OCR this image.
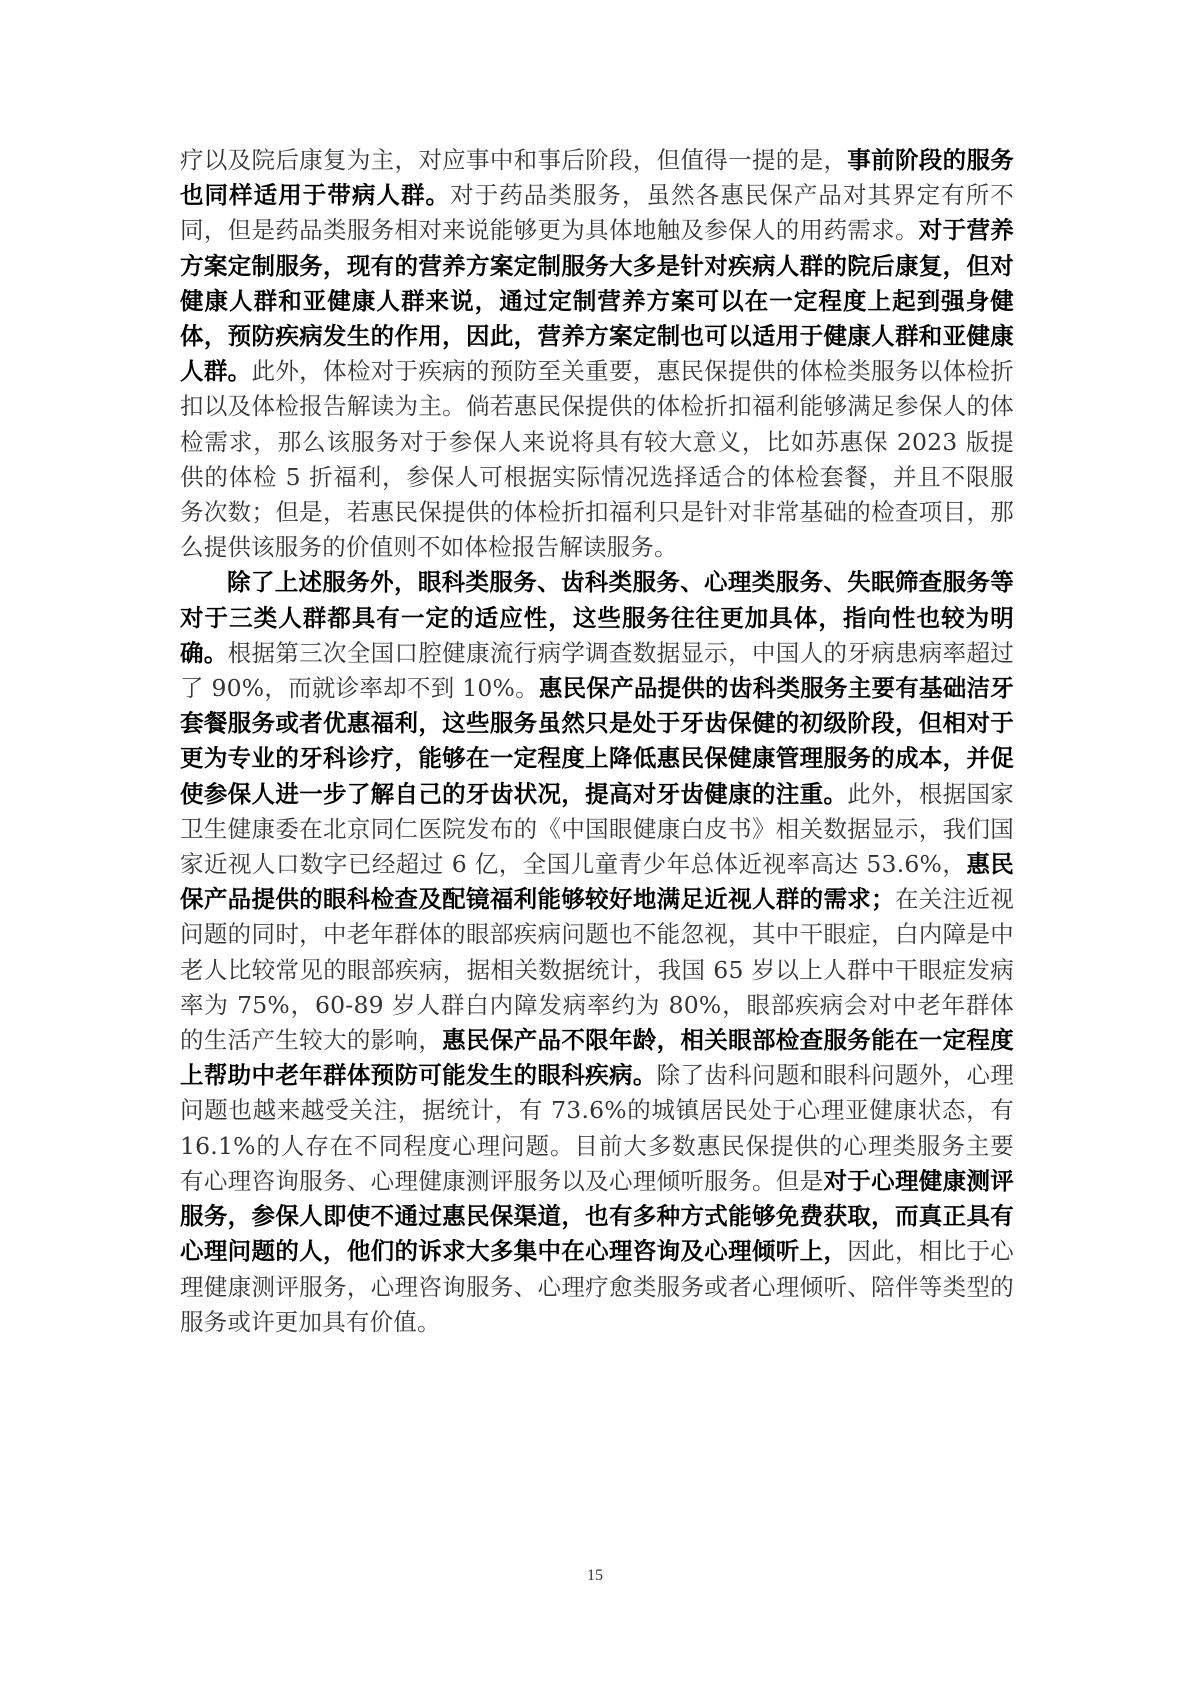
疗以及院后康复为主，对应事中和事后阶段，但值得一提的是，事前阶段的服务也同样适用于带病人群。对于药品类服务，虽然各惠民保产品对其界定有所不同，但是药品类服务相对来说能够更为具体地触及参保人的用药需求。对于营养方案定制服务，现有的营养方案定制服务大多是针对疾病人群的院后康复，但对健康人群和亚健康人群来说，通过定制营养方案可以在一定程度上起到强身健体，预防疾病发生的作用，因此，营养方案定制也可以适用于健康人群和亚健康人群。此外，体检对于疾病的预防至关重要，惠民保提供的体检类服务以体检折扣以及体检报告解读为主。倘若惠民保提供的体检折扣福利能够满足参保人的体检需求，那么该服务对于参保人来说将具有较大意义，比如苏惠保 2023 版提供的体检 5 折福利，参保人可根据实际情况选择适合的体检套餐，并且不限服务次数；但是，若惠民保提供的体检折扣福利只是针对非常基础的检查项目，那么提供该服务的价值则不如体检报告解读服务。

除了上述服务外，眼科类服务、齿科类服务、心理类服务、失眠筛查服务等对于三类人群都具有一定的适应性，这些服务往往更加具体，指向性也较为明确。根据第三次全国口腔健康流行病学调查数据显示，中国人的牙病患病率超过了 90%，而就诊率却不到 10%。惠民保产品提供的齿科类服务主要有基础洁牙套餐服务或者优惠福利，这些服务虽然只是处于牙齿保健的初级阶段，但相对于更为专业的牙科诊疗，能够在一定程度上降低惠民保健康管理服务的成本，并促使参保人进一步了解自己的牙齿状况，提高对牙齿健康的注重。此外，根据国家卫生健康委在北京同仁医院发布的《中国眼健康白皮书》相关数据显示，我们国家近视人口数字已经超过 6 亿，全国儿童青少年总体近视率高达 53.6%，惠民保产品提供的眼科检查及配镜福利能够较好地满足近视人群的需求；在关注近视问题的同时，中老年群体的眼部疾病问题也不能忽视，其中干眼症，白内障是中老人比较常见的眼部疾病，据相关数据统计，我国 65 岁以上人群中干眼症发病率为 75%，60-89 岁人群白内障发病率约为 80%，眼部疾病会对中老年群体的生活产生较大的影响，惠民保产品不限年龄，相关眼部检查服务能在一定程度上帮助中老年群体预防可能发生的眼科疾病。除了齿科问题和眼科问题外，心理问题也越来越受关注，据统计，有 73.6%的城镇居民处于心理亚健康状态，有 16.1%的人存在不同程度心理问题。目前大多数惠民保提供的心理类服务主要有心理咨询服务、心理健康测评服务以及心理倾听服务。但是对于心理健康测评服务，参保人即使不通过惠民保渠道，也有多种方式能够免费获取，而真正具有心理问题的人，他们的诉求大多集中在心理咨询及心理倾听上，因此，相比于心理健康测评服务，心理咨询服务、心理疗愈类服务或者心理倾听、陪伴等类型的服务或许更加具有价值。

15
